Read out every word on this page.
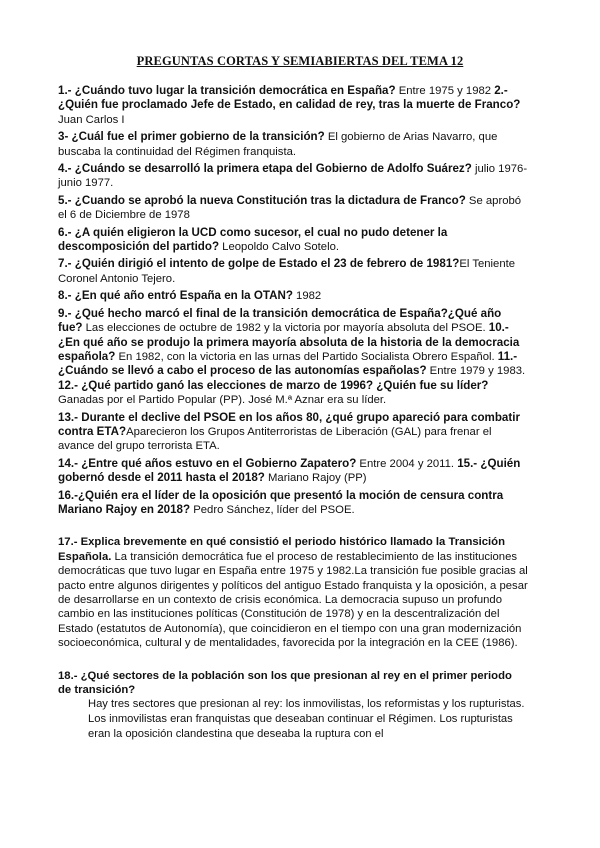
PREGUNTAS CORTAS Y SEMIABIERTAS DEL TEMA 12

1.- ¿Cuándo tuvo lugar la transición democrática en España? Entre 1975 y 1982 2.- ¿Quién fue proclamado Jefe de Estado, en calidad de rey, tras la muerte de Franco? Juan Carlos I

3- ¿Cuál fue el primer gobierno de la transición? El gobierno de Arias Navarro, que buscaba la continuidad del Régimen franquista.

4.- ¿Cuándo se desarrolló la primera etapa del Gobierno de Adolfo Suárez? julio 1976- junio 1977.

5.- ¿Cuando se aprobó la nueva Constitución tras la dictadura de Franco? Se aprobó el 6 de Diciembre de 1978

6.- ¿A quién eligieron la UCD como sucesor, el cual no pudo detener la descomposición del partido? Leopoldo Calvo Sotelo.

7.- ¿Quién dirigió el intento de golpe de Estado el 23 de febrero de 1981?El Teniente Coronel Antonio Tejero.

8.- ¿En qué año entró España en la OTAN? 1982

9.- ¿Qué hecho marcó el final de la transición democrática de España?¿Qué año fue? Las elecciones de octubre de 1982 y la victoria por mayoría absoluta del PSOE. 10.- ¿En qué año se produjo la primera mayoría absoluta de la historia de la democracia española? En 1982, con la victoria en las urnas del Partido Socialista Obrero Español. 11.- ¿Cuándo se llevó a cabo el proceso de las autonomías españolas? Entre 1979 y 1983. 12.- ¿Qué partido ganó las elecciones de marzo de 1996? ¿Quién fue su líder? Ganadas por el Partido Popular (PP). José M.ª Aznar era su líder.

13.- Durante el declive del PSOE en los años 80, ¿qué grupo apareció para combatir contra ETA?Aparecieron los Grupos Antiterroristas de Liberación (GAL) para frenar el avance del grupo terrorista ETA.

14.- ¿Entre qué años estuvo en el Gobierno Zapatero? Entre 2004 y 2011. 15.- ¿Quién gobernó desde el 2011 hasta el 2018? Mariano Rajoy (PP)

16.-¿Quién era el líder de la oposición que presentó la moción de censura contra Mariano Rajoy en 2018? Pedro Sánchez, líder del PSOE.

17.- Explica brevemente en qué consistió el periodo histórico llamado la Transición Española. La transición democrática fue el proceso de restablecimiento de las instituciones democráticas que tuvo lugar en España entre 1975 y 1982.La transición fue posible gracias al pacto entre algunos dirigentes y políticos del antiguo Estado franquista y la oposición, a pesar de desarrollarse en un contexto de crisis económica. La democracia supuso un profundo cambio en las instituciones políticas (Constitución de 1978) y en la descentralización del Estado (estatutos de Autonomía), que coincidieron en el tiempo con una gran modernización socioeconómica, cultural y de mentalidades, favorecida por la integración en la CEE (1986).

18.- ¿Qué sectores de la población son los que presionan al rey en el primer periodo de transición?

Hay tres sectores que presionan al rey: los inmovilistas, los reformistas y los rupturistas. Los inmovilistas eran franquistas que deseaban continuar el Régimen. Los rupturistas eran la oposición clandestina que deseaba la ruptura con el
